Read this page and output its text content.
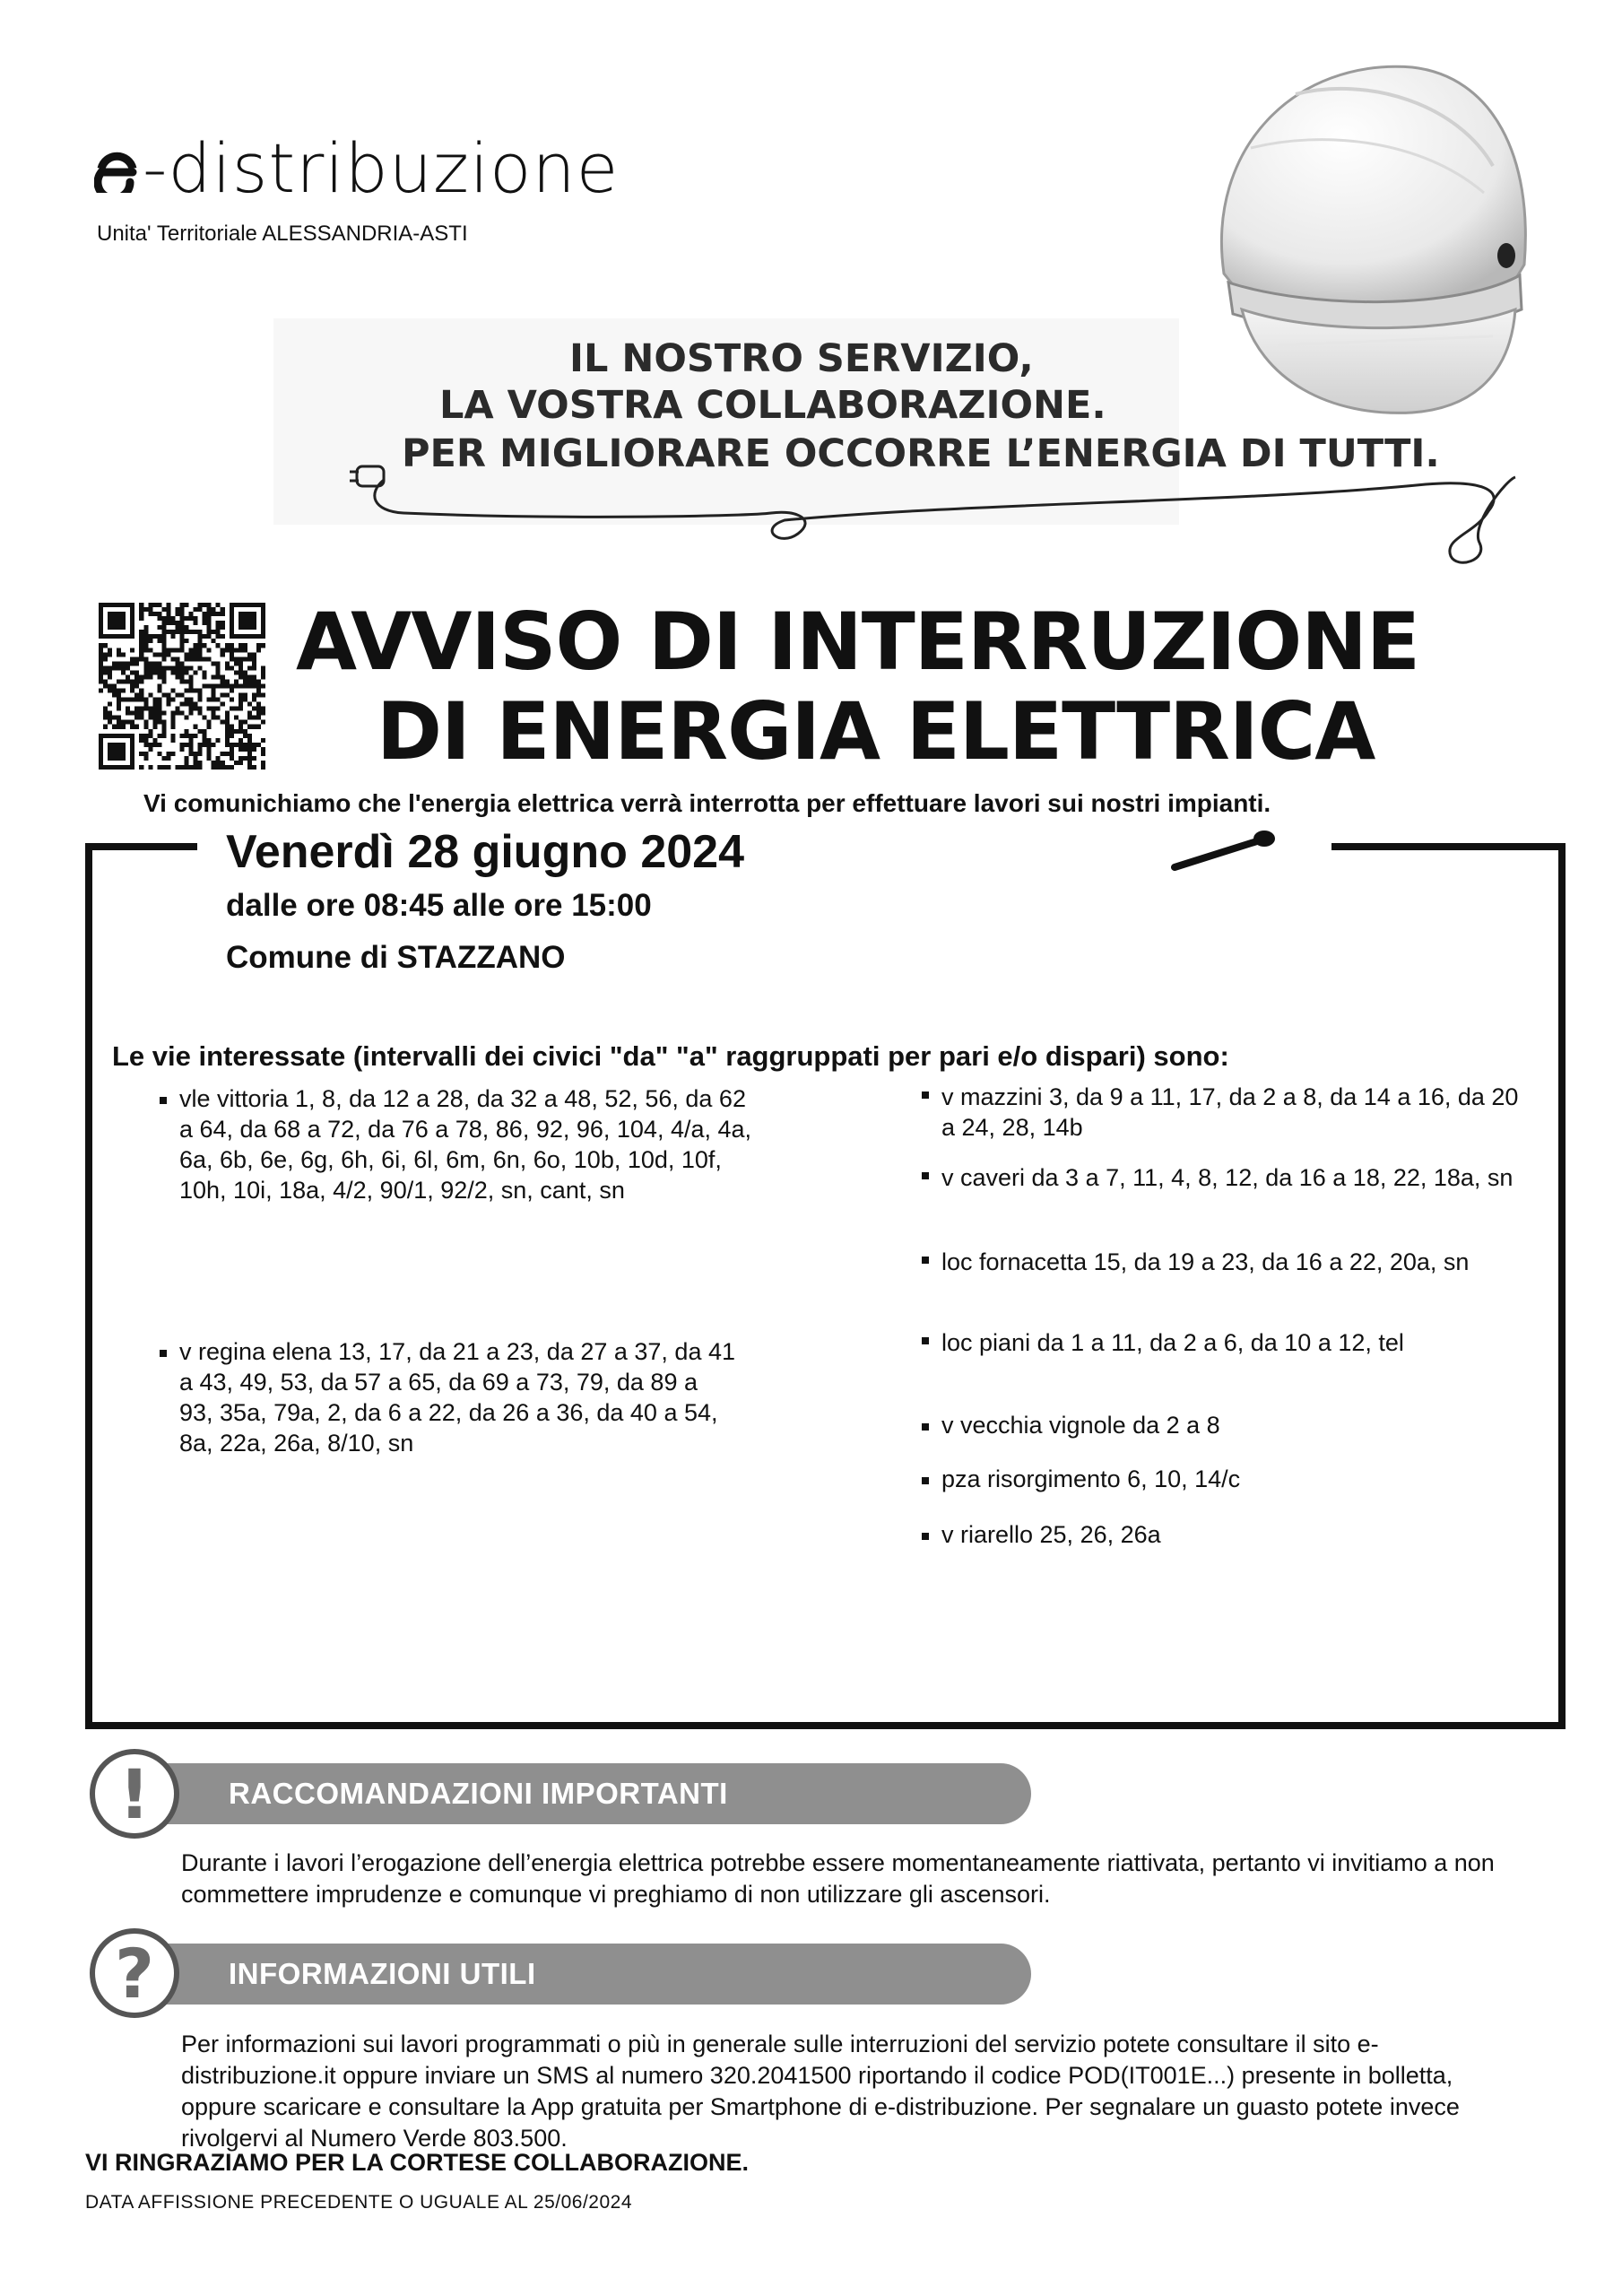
-distribuzione
Unita' Territoriale ALESSANDRIA-ASTI
IL NOSTRO SERVIZIO,
LA VOSTRA COLLABORAZIONE.
PER MIGLIORARE OCCORRE L’ENERGIA DI TUTTI.
AVVISO DI INTERRUZIONE
DI ENERGIA ELETTRICA
Vi comunichiamo che l'energia elettrica verrà interrotta per effettuare lavori sui nostri impianti.
Venerdì 28 giugno 2024
dalle ore 08:45 alle ore 15:00
Comune di STAZZANO
Le vie interessate (intervalli dei civici "da" "a" raggruppati per pari e/o dispari) sono:
vle vittoria 1, 8, da 12 a 28, da 32 a 48, 52, 56, da 62 a 64, da 68 a 72, da 76 a 78, 86, 92, 96, 104, 4/a, 4a, 6a, 6b, 6e, 6g, 6h, 6i, 6l, 6m, 6n, 6o, 10b, 10d, 10f, 10h, 10i, 18a, 4/2, 90/1, 92/2, sn, cant, sn
v regina elena 13, 17, da 21 a 23, da 27 a 37, da 41 a 43, 49, 53, da 57 a 65, da 69 a 73, 79, da 89 a 93, 35a, 79a, 2, da 6 a 22, da 26 a 36, da 40 a 54, 8a, 22a, 26a, 8/10, sn
v mazzini 3, da 9 a 11, 17, da 2 a 8, da 14 a 16, da 20 a 24, 28, 14b
v caveri da 3 a 7, 11, 4, 8, 12, da 16 a 18, 22, 18a, sn
loc fornacetta 15, da 19 a 23, da 16 a 22, 20a, sn
loc piani da 1 a 11, da 2 a 6, da 10 a 12, tel
v vecchia vignole da 2 a 8
pza risorgimento 6, 10, 14/c
v riarello 25, 26, 26a
RACCOMANDAZIONI IMPORTANTI
!
Durante i lavori l’erogazione dell’energia elettrica potrebbe essere momentaneamente riattivata, pertanto vi invitiamo a non commettere imprudenze e comunque vi preghiamo di non utilizzare gli ascensori.
INFORMAZIONI UTILI
?
Per informazioni sui lavori programmati o più in generale sulle interruzioni del servizio potete consultare il sito e-distribuzione.it oppure inviare un SMS al numero 320.2041500 riportando il codice POD(IT001E...) presente in bolletta, oppure scaricare e consultare la App gratuita per Smartphone di e-distribuzione. Per segnalare un guasto potete invece rivolgervi al Numero Verde 803.500.
VI RINGRAZIAMO PER LA CORTESE COLLABORAZIONE.
DATA AFFISSIONE PRECEDENTE O UGUALE AL 25/06/2024
